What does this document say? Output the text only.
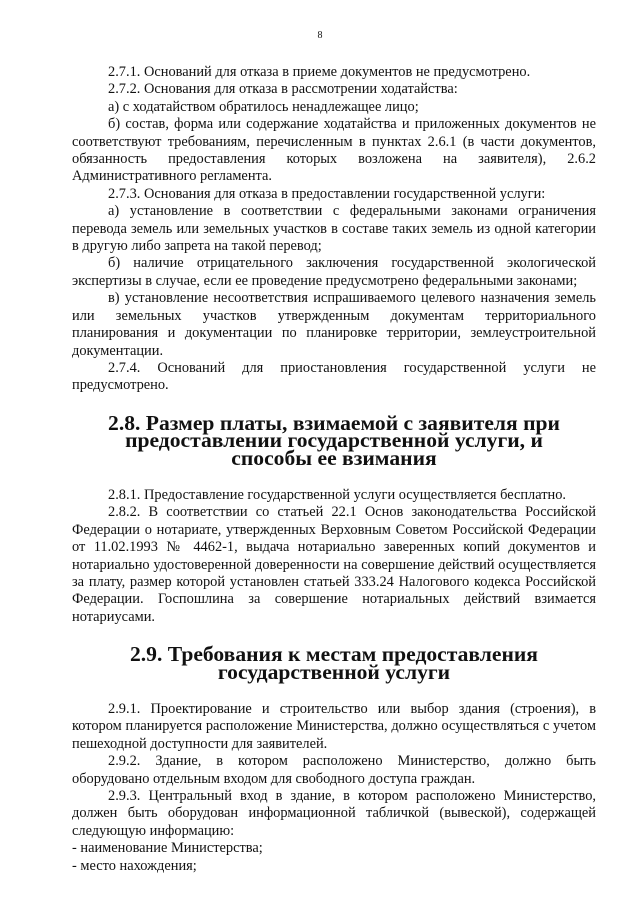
8

2.7.1. Оснований для отказа в приеме документов не предусмотрено.

2.7.2. Основания для отказа в рассмотрении ходатайства:

а) с ходатайством обратилось ненадлежащее лицо;

б) состав, форма или содержание ходатайства и приложенных документов не соответствуют требованиям, перечисленным в пунктах 2.6.1 (в части документов, обязанность предоставления которых возложена на заявителя), 2.6.2 Административного регламента.

2.7.3. Основания для отказа в предоставлении государственной услуги:

а) установление в соответствии с федеральными законами ограничения перевода земель или земельных участков в составе таких земель из одной категории в другую либо запрета на такой перевод;

б) наличие отрицательного заключения государственной экологической экспертизы в случае, если ее проведение предусмотрено федеральными законами;

в) установление несоответствия испрашиваемого целевого назначения земель или земельных участков утвержденным документам территориального планирования и документации по планировке территории, землеустроительной документации.

2.7.4. Оснований для приостановления государственной услуги не предусмотрено.

2.8. Размер платы, взимаемой с заявителя при предоставлении государственной услуги, и способы ее взимания

2.8.1. Предоставление государственной услуги осуществляется бесплатно.

2.8.2. В соответствии со статьей 22.1 Основ законодательства Российской Федерации о нотариате, утвержденных Верховным Советом Российской Федерации от 11.02.1993 № 4462-1, выдача нотариально заверенных копий документов и нотариально удостоверенной доверенности на совершение действий осуществляется за плату, размер которой установлен статьей 333.24 Налогового кодекса Российской Федерации. Госпошлина за совершение нотариальных действий взимается нотариусами.

2.9. Требования к местам предоставления государственной услуги

2.9.1. Проектирование и строительство или выбор здания (строения), в котором планируется расположение Министерства, должно осуществляться с учетом пешеходной доступности для заявителей.

2.9.2. Здание, в котором расположено Министерство, должно быть оборудовано отдельным входом для свободного доступа граждан.

2.9.3. Центральный вход в здание, в котором расположено Министерство, должен быть оборудован информационной табличкой (вывеской), содержащей следующую информацию:

- наименование Министерства;

- место нахождения;
